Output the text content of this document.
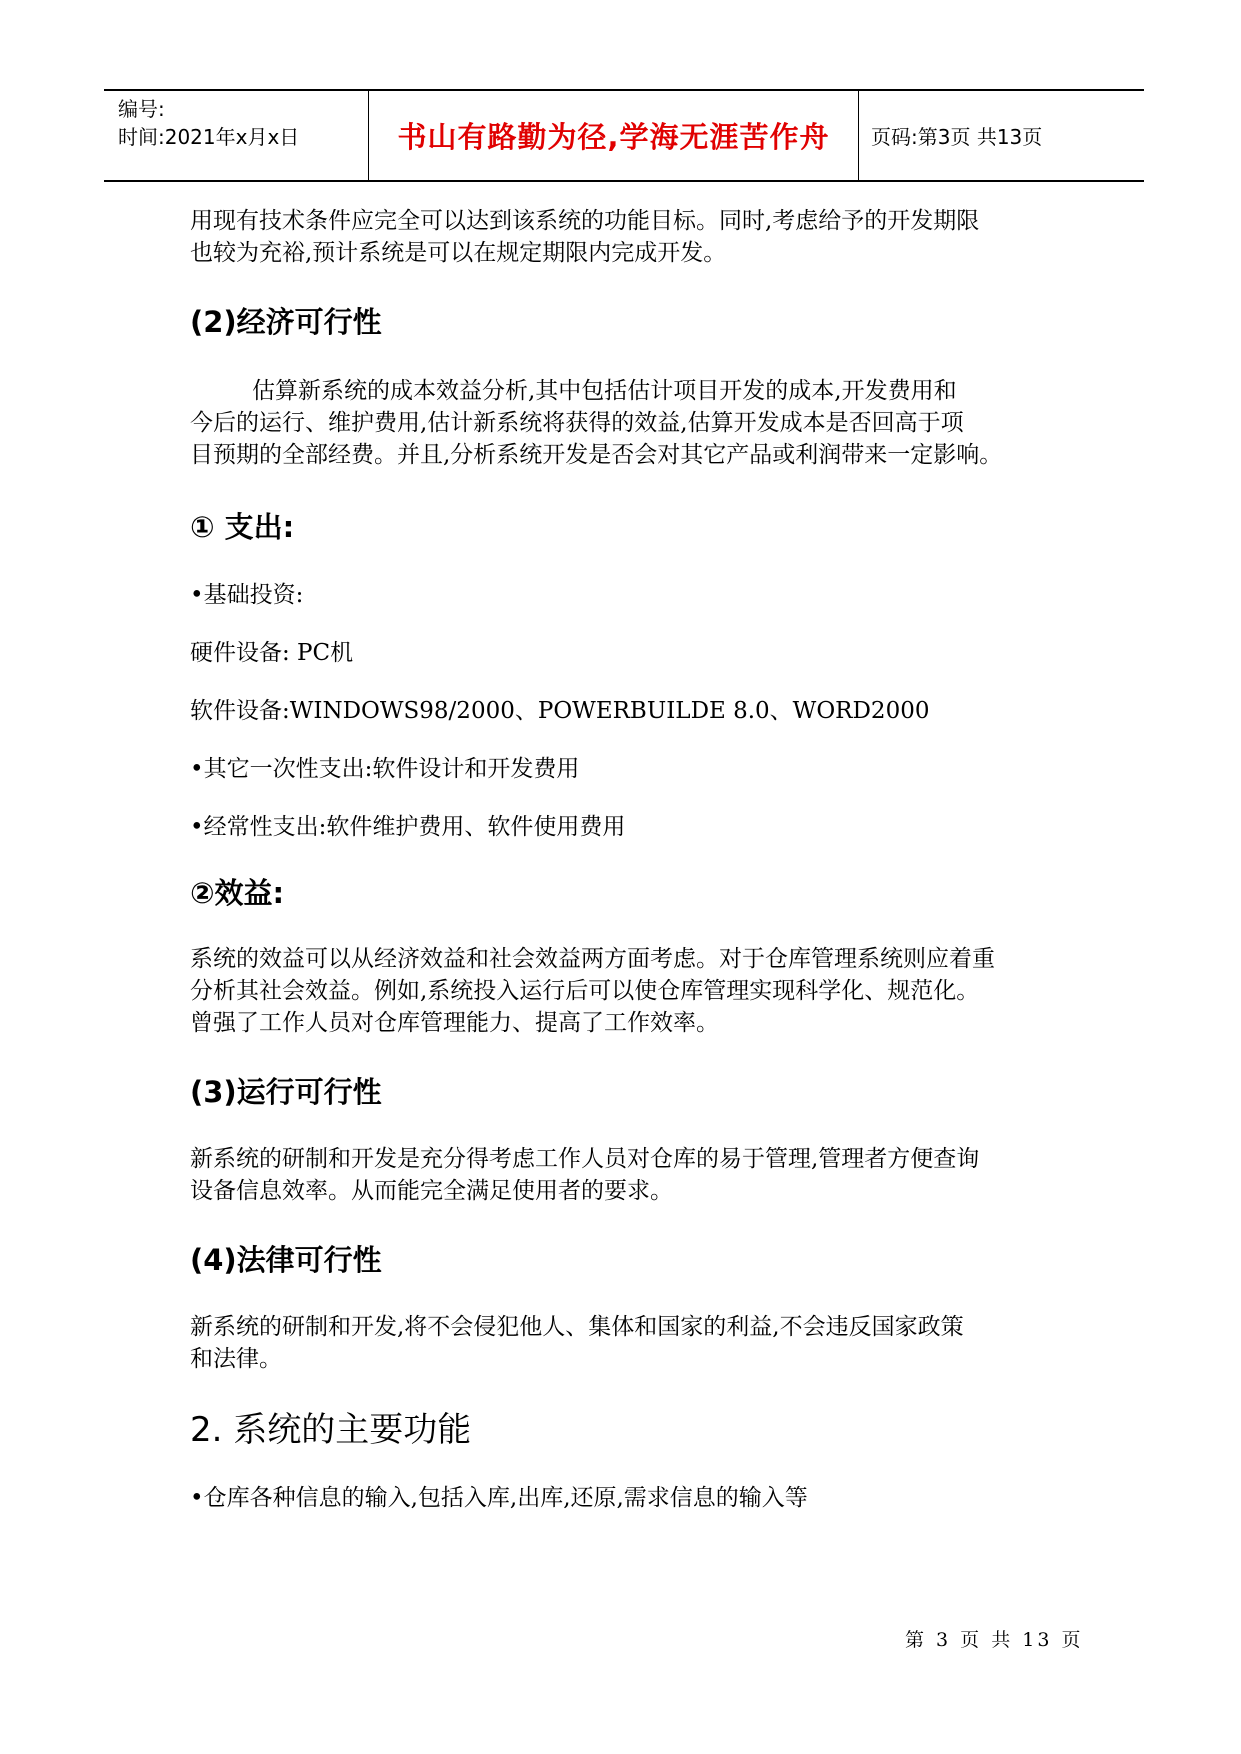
编号:
时间:2021年x月x日	书山有路勤为径,学海无涯苦作舟	页码:第3页 共13页

用现有技术条件应完全可以达到该系统的功能目标。同时,考虑给予的开发期限

也较为充裕,预计系统是可以在规定期限内完成开发。

(2)经济可行性

估算新系统的成本效益分析,其中包括估计项目开发的成本,开发费用和

今后的运行、维护费用,估计新系统将获得的效益,估算开发成本是否回高于项

目预期的全部经费。并且,分析系统开发是否会对其它产品或利润带来一定影响。

① 支出:

•基础投资:

硬件设备: PC机

软件设备:WINDOWS98/2000、POWERBUILDE 8.0、WORD2000

•其它一次性支出:软件设计和开发费用

•经常性支出:软件维护费用、软件使用费用

②效益:

系统的效益可以从经济效益和社会效益两方面考虑。对于仓库管理系统则应着重

分析其社会效益。例如,系统投入运行后可以使仓库管理实现科学化、规范化。

曾强了工作人员对仓库管理能力、提高了工作效率。

(3)运行可行性

新系统的研制和开发是充分得考虑工作人员对仓库的易于管理,管理者方便查询

设备信息效率。从而能完全满足使用者的要求。

(4)法律可行性

新系统的研制和开发,将不会侵犯他人、集体和国家的利益,不会违反国家政策

和法律。

2. 系统的主要功能

•仓库各种信息的输入,包括入库,出库,还原,需求信息的输入等

第 3 页 共 13 页
